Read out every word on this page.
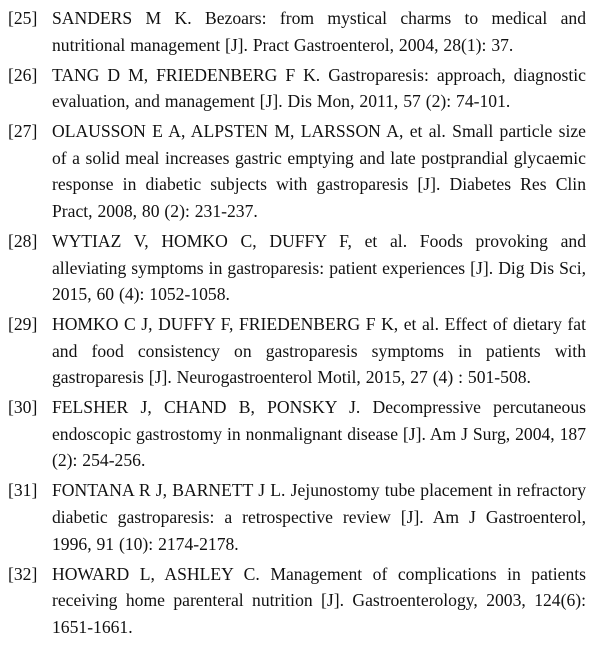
[25] SANDERS M K. Bezoars: from mystical charms to medical and nutritional management [J]. Pract Gastroenterol, 2004, 28(1): 37.
[26] TANG D M, FRIEDENBERG F K. Gastroparesis: approach, diagnostic evaluation, and management [J]. Dis Mon, 2011, 57 (2): 74-101.
[27] OLAUSSON E A, ALPSTEN M, LARSSON A, et al. Small particle size of a solid meal increases gastric emptying and late postprandial glycaemic response in diabetic subjects with gastroparesis [J]. Diabetes Res Clin Pract, 2008, 80 (2): 231-237.
[28] WYTIAZ V, HOMKO C, DUFFY F, et al. Foods provoking and alleviating symptoms in gastroparesis: patient experiences [J]. Dig Dis Sci, 2015, 60 (4): 1052-1058.
[29] HOMKO C J, DUFFY F, FRIEDENBERG F K, et al. Effect of dietary fat and food consistency on gastroparesis symptoms in patients with gastroparesis [J]. Neurogastroenterol Motil, 2015, 27 (4) : 501-508.
[30] FELSHER J, CHAND B, PONSKY J. Decompressive percutaneous endoscopic gastrostomy in nonmalignant disease [J]. Am J Surg, 2004, 187 (2): 254-256.
[31] FONTANA R J, BARNETT J L. Jejunostomy tube placement in refractory diabetic gastroparesis: a retrospective review [J]. Am J Gastroenterol, 1996, 91 (10): 2174-2178.
[32] HOWARD L, ASHLEY C. Management of complications in patients receiving home parenteral nutrition [J]. Gastroenterology, 2003, 124(6): 1651-1661.
